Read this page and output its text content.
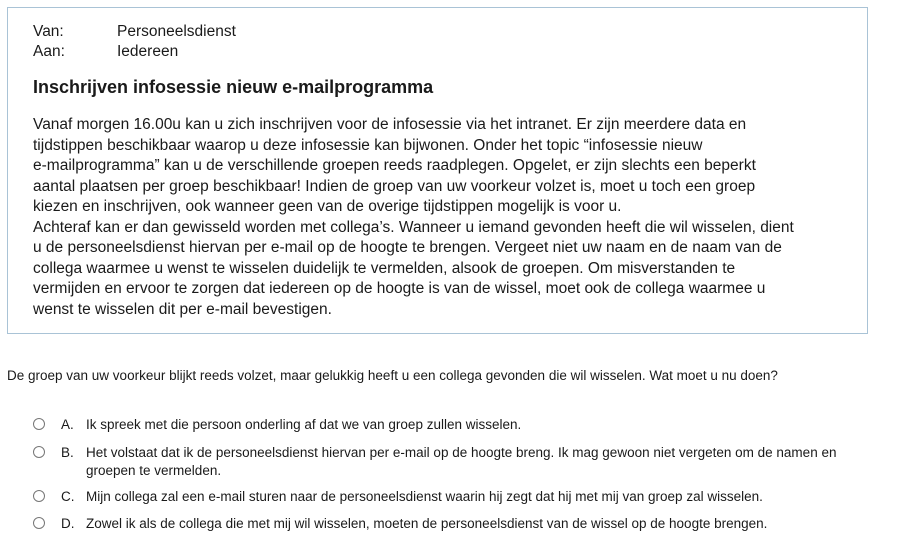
Van:	Personeelsdienst
Aan:	Iedereen
Inschrijven infosessie nieuw e-mailprogramma

Vanaf morgen 16.00u kan u zich inschrijven voor de infosessie via het intranet. Er zijn meerdere data en
tijdstippen beschikbaar waarop u deze infosessie kan bijwonen. Onder het topic “infosessie nieuw
e-mailprogramma” kan u de verschillende groepen reeds raadplegen. Opgelet, er zijn slechts een beperkt
aantal plaatsen per groep beschikbaar! Indien de groep van uw voorkeur volzet is, moet u toch een groep
kiezen en inschrijven, ook wanneer geen van de overige tijdstippen mogelijk is voor u.
Achteraf kan er dan gewisseld worden met collega’s. Wanneer u iemand gevonden heeft die wil wisselen, dient
u de personeelsdienst hiervan per e-mail op de hoogte te brengen. Vergeet niet uw naam en de naam van de
collega waarmee u wenst te wisselen duidelijk te vermelden, alsook de groepen. Om misverstanden te
vermijden en ervoor te zorgen dat iedereen op de hoogte is van de wissel, moet ook de collega waarmee u
wenst te wisselen dit per e-mail bevestigen.

De groep van uw voorkeur blijkt reeds volzet, maar gelukkig heeft u een collega gevonden die wil wisselen. Wat moet u nu doen?

A. Ik spreek met die persoon onderling af dat we van groep zullen wisselen.
B. Het volstaat dat ik de personeelsdienst hiervan per e-mail op de hoogte breng. Ik mag gewoon niet vergeten om de namen en groepen te vermelden.
C. Mijn collega zal een e-mail sturen naar de personeelsdienst waarin hij zegt dat hij met mij van groep zal wisselen.
D. Zowel ik als de collega die met mij wil wisselen, moeten de personeelsdienst van de wissel op de hoogte brengen.
